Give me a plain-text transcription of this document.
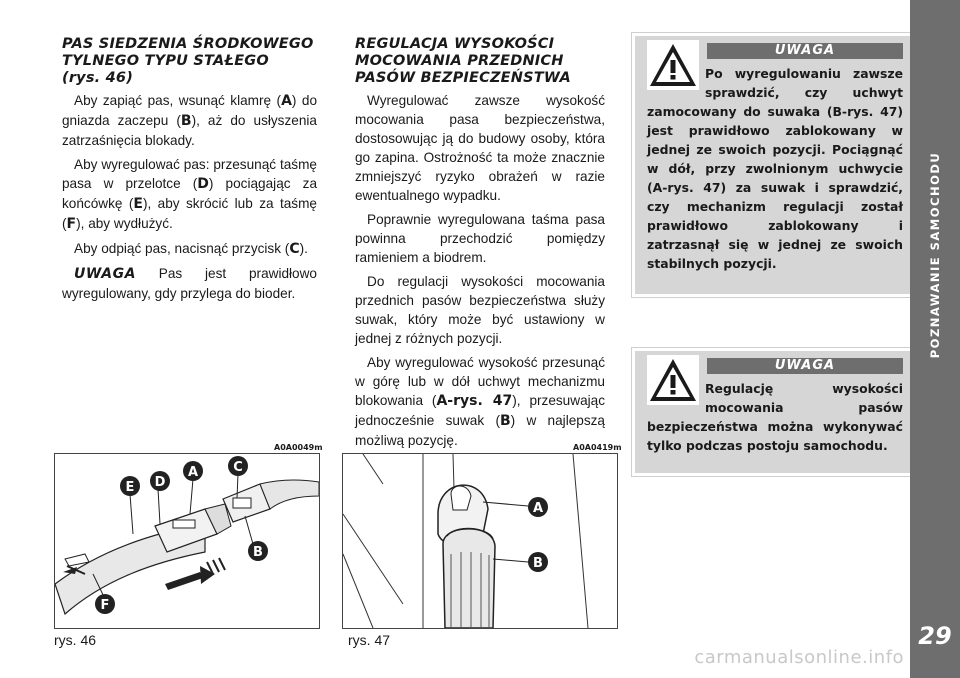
PAS SIEDZENIA ŚRODKOWEGO
TYLNEGO TYPU STAŁEGO
(rys. 46)

Aby zapiąć pas, wsunąć klamrę (A) do gniazda zaczepu (B), aż do usłyszenia zatrzaśnięcia blokady.

Aby wyregulować pas: przesunąć taśmę pasa w przelotce (D) pociągając za końcówkę (E), aby skrócić lub za taśmę (F), aby wydłużyć.

Aby odpiąć pas, nacisnąć przycisk (C).

UWAGA Pas jest prawidłowo wyregulowany, gdy przylega do bioder.

REGULACJA WYSOKOŚCI
MOCOWANIA PRZEDNICH
PASÓW BEZPIECZEŃSTWA

Wyregulować zawsze wysokość mocowania pasa bezpieczeństwa, dostosowując ją do budowy osoby, która go zapina. Ostrożność ta może znacznie zmniejszyć ryzyko obrażeń w razie ewentualnego wypadku.

Poprawnie wyregulowana taśma pasa powinna przechodzić pomiędzy ramieniem a biodrem.

Do regulacji wysokości mocowania przednich pasów bezpieczeństwa służy suwak, który może być ustawiony w jednej z różnych pozycji.

Aby wyregulować wysokość przesunąć w górę lub w dół uchwyt mechanizmu blokowania (A-rys. 47), przesuwając jednocześnie suwak (B) w najlepszą możliwą pozycję.

UWAGA
Po wyregulowaniu zawsze sprawdzić, czy uchwyt zamocowany do suwaka (B-rys. 47) jest prawidłowo zablokowany w jednej ze swoich pozycji. Pociągnąć w dół, przy zwolnionym uchwycie (A-rys. 47) za suwak i sprawdzić, czy mechanizm regulacji został prawidłowo zablokowany i zatrzasnął się w jednej ze swoich stabilnych pozycji.
UWAGA
Regulację wysokości mocowania pasów bezpieczeństwa można wykonywać tylko podczas postoju samochodu.
A0A0049m
E D
A	C
B
F
rys. 46
A0A0419m
A
B
rys. 47
POZNAWANIE SAMOCHODU
29
carmanualsonline.info
